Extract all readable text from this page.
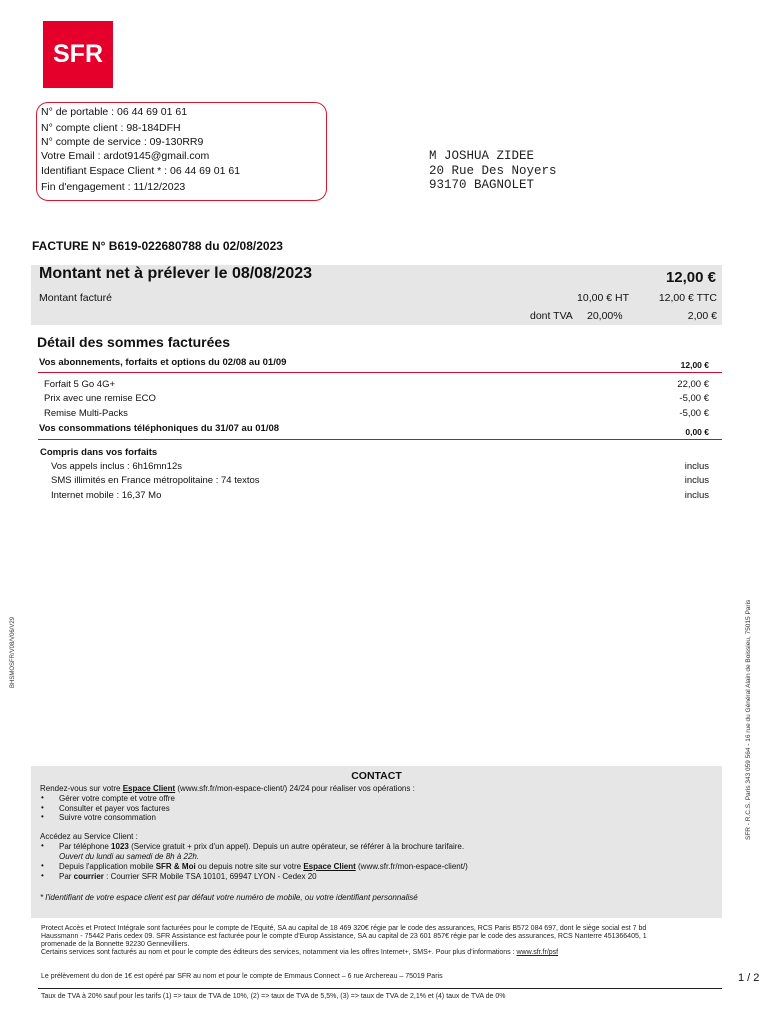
SFR
N° de portable : 06 44 69 01 61
N° compte client : 98-184DFH
N° compte de service : 09-130RR9
Votre Email : ardot9145@gmail.com
Identifiant Espace Client * : 06 44 69 01 61
Fin d'engagement : 11/12/2023
M JOSHUA ZIDEE
20 Rue Des Noyers
93170 BAGNOLET
FACTURE N° B619-022680788 du 02/08/2023
Montant net à prélever le 08/08/2023	12,00 €
Montant facturé	10,00 € HT	12,00 € TTC
dont TVA 20,00%	2,00 €
Détail des sommes facturées
Vos abonnements, forfaits et options du 02/08 au 01/09	12,00 €
Forfait 5 Go 4G+	22,00 €
Prix avec une remise ECO	-5,00 €
Remise Multi-Packs	-5,00 €
Vos consommations téléphoniques du 31/07 au 01/08	0,00 €
Compris dans vos forfaits
Vos appels inclus : 6h16mn12s	inclus
SMS illimités en France métropolitaine : 74 textos	inclus
Internet mobile : 16,37 Mo	inclus
BHSMOSFR/V08/V06/V29	SFR - R.C.S. Paris 343 059 564 - 16 rue du Général Alain de Boissieu, 75015 Paris
CONTACT
Rendez-vous sur votre Espace Client (www.sfr.fr/mon-espace-client/) 24/24 pour réaliser vos opérations :
• Gérer votre compte et votre offre
• Consulter et payer vos factures
• Suivre votre consommation
Accédez au Service Client :
• Par téléphone 1023 (Service gratuit + prix d'un appel). Depuis un autre opérateur, se référer à la brochure tarifaire.
Ouvert du lundi au samedi de 8h à 22h.
• Depuis l'application mobile SFR & Moi ou depuis notre site sur votre Espace Client (www.sfr.fr/mon-espace-client/)
• Par courrier : Courrier SFR Mobile TSA 10101, 69947 LYON - Cedex 20
* l'identifiant de votre espace client est par défaut votre numéro de mobile, ou votre identifiant personnalisé
Protect Accès et Protect Intégrale sont facturées pour le compte de l'Equité, SA au capital de 18 469 320€ régie par le code des assurances, RCS Paris B572 084 697, dont le siège social est 7 bd
Haussmann - 75442 Paris cedex 09. SFR Assistance est facturée pour le compte d'Europ Assistance, SA au capital de 23 601 857€ régie par le code des assurances, RCS Nanterre 451366405, 1
promenade de la Bonnette 92230 Gennevilliers.
Certains services sont facturés au nom et pour le compte des éditeurs des services, notamment via les offres Internet+, SMS+. Pour plus d'informations : www.sfr.fr/psf
Le prélèvement du don de 1€ est opéré par SFR au nom et pour le compte de Emmaus Connect – 6 rue Archereau – 75019 Paris	1 / 2
Taux de TVA à 20% sauf pour les tarifs (1) => taux de TVA de 10%, (2) => taux de TVA de 5,5%, (3) => taux de TVA de 2,1% et (4) taux de TVA de 0%
